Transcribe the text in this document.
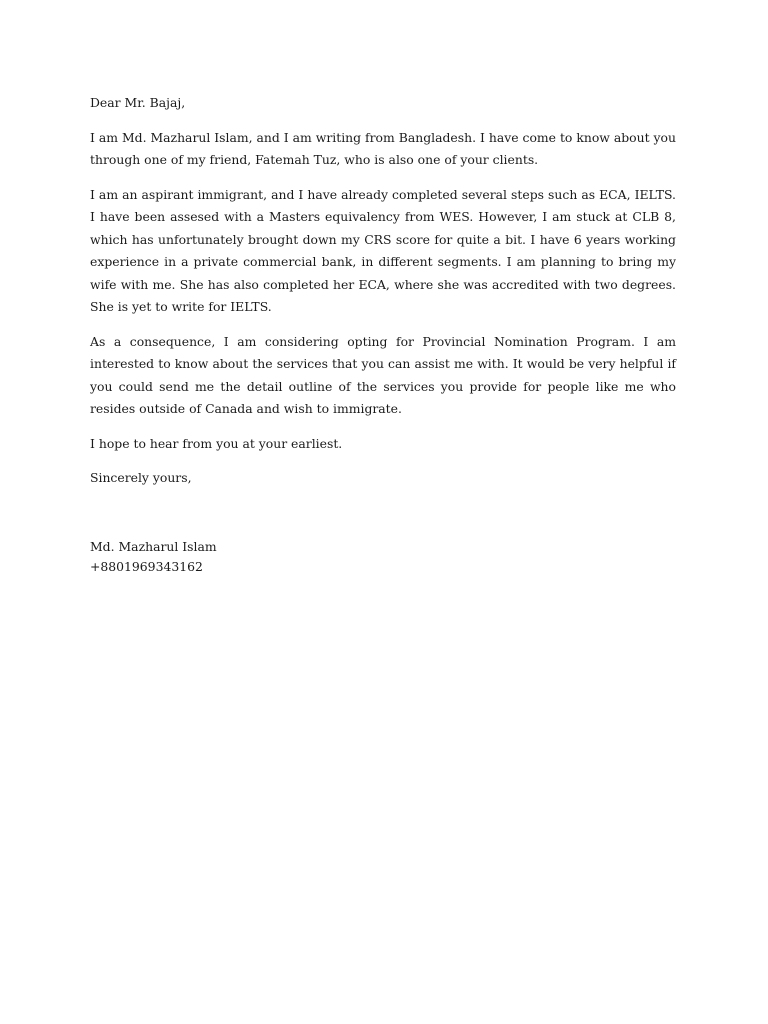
Dear Mr. Bajaj,

I am Md. Mazharul Islam, and I am writing from Bangladesh. I have come to know about you through one of my friend, Fatemah Tuz, who is also one of your clients.

I am an aspirant immigrant, and I have already completed several steps such as ECA, IELTS. I have been assesed with a Masters equivalency from WES. However, I am stuck at CLB 8, which has unfortunately brought down my CRS score for quite a bit. I have 6 years working experience in a private commercial bank, in different segments. I am planning to bring my wife with me. She has also completed her ECA, where she was accredited with two degrees. She is yet to write for IELTS.

As a consequence, I am considering opting for Provincial Nomination Program. I am interested to know about the services that you can assist me with. It would be very helpful if you could send me the detail outline of the services you provide for people like me who resides outside of Canada and wish to immigrate.

I hope to hear from you at your earliest.

Sincerely yours,

Md. Mazharul Islam
+8801969343162
